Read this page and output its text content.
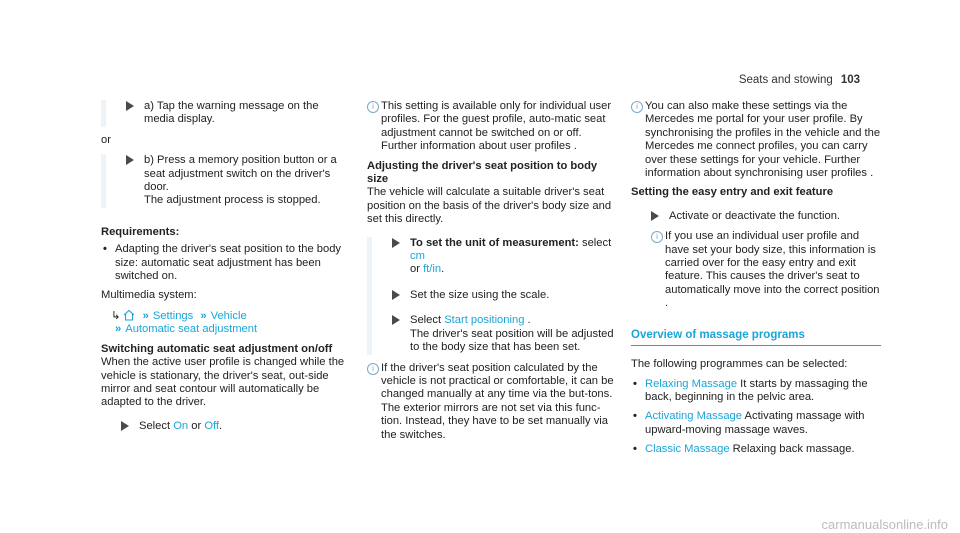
Seats and stowing 103
a) Tap the warning message on the media display.
or
b) Press a memory position button or a seat adjustment switch on the driver's door.
The adjustment process is stopped.
Requirements:
• Adapting the driver's seat position to the body size: automatic seat adjustment has been switched on.
Multimedia system:
↳ » Settings » Vehicle
» Automatic seat adjustment
Switching automatic seat adjustment on/off
When the active user profile is changed while the vehicle is stationary, the driver's seat, out-side mirror and seat contour will automatically be adapted to the driver.
Select On or Off.
i This setting is available only for individual user profiles. For the guest profile, auto-matic seat adjustment cannot be switched on or off. Further information about user profiles .
Adjusting the driver's seat position to body size
The vehicle will calculate a suitable driver's seat position on the basis of the driver's body size and set this directly.
To set the unit of measurement: select cm
or ft/in.
Set the size using the scale.
Select Start positioning .
The driver's seat position will be adjusted to the body size that has been set.
i If the driver's seat position calculated by the vehicle is not practical or comfortable, it can be changed manually at any time via the but-tons.
The exterior mirrors are not set via this func-tion. Instead, they have to be set manually via the switches.
i You can also make these settings via the Mercedes me portal for your user profile. By synchronising the profiles in the vehicle and the Mercedes me connect profiles, you can carry over these settings for your vehicle. Further information about synchronising user profiles .
Setting the easy entry and exit feature
Activate or deactivate the function.
i If you use an individual user profile and have set your body size, this information is carried over for the easy entry and exit feature. This causes the driver's seat to automatically move into the correct position .
Overview of massage programs
The following programmes can be selected:
• Relaxing Massage It starts by massaging the back, beginning in the pelvic area.
• Activating Massage Activating massage with upward-moving massage waves.
• Classic Massage Relaxing back massage.
carmanualsonline.info
